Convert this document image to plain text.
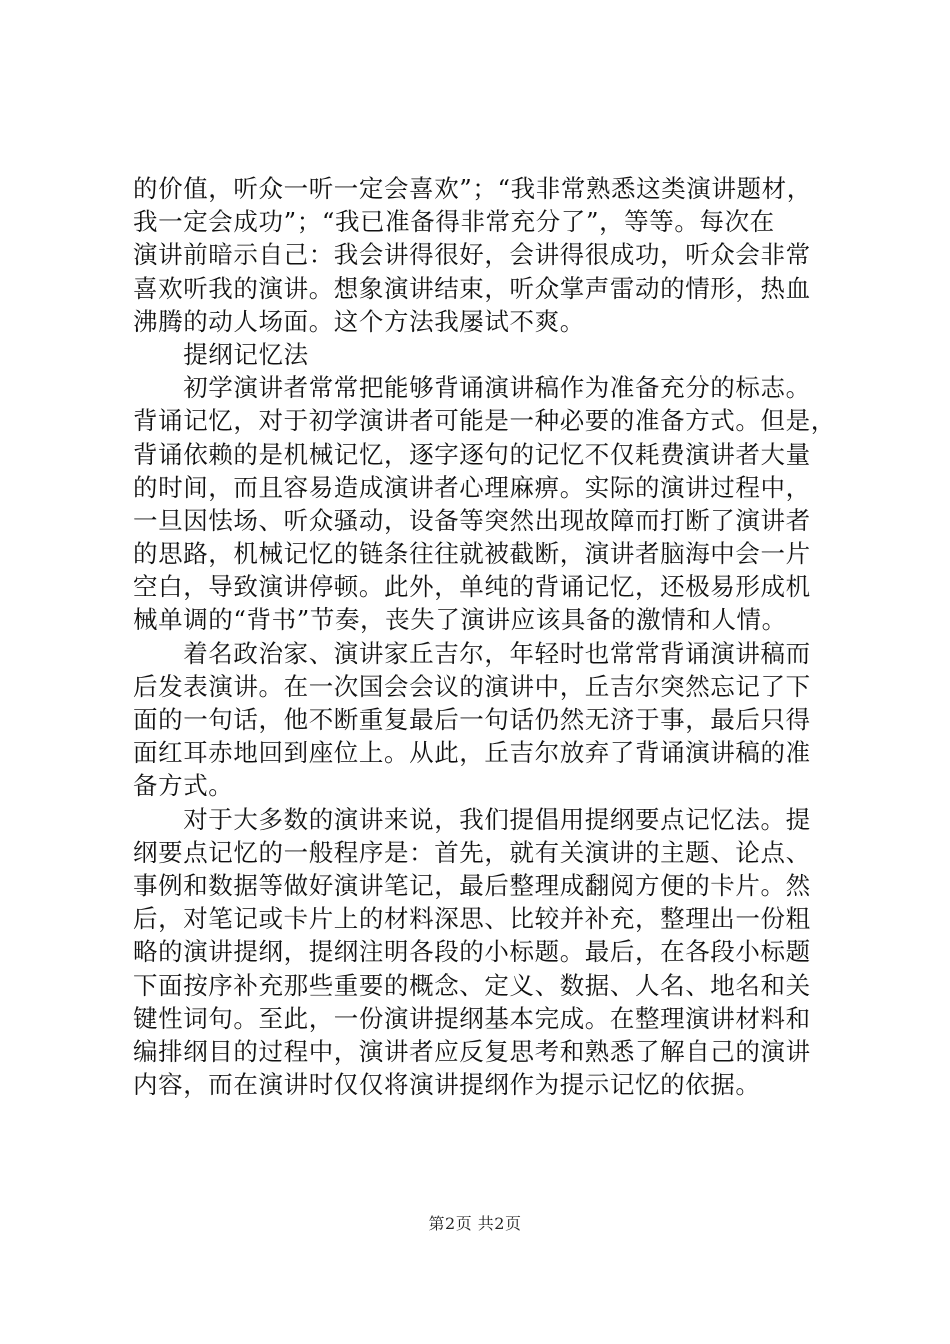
的价值，听众一听一定会喜欢”；“我非常熟悉这类演讲题材，
我一定会成功”；“我已准备得非常充分了”，等等。每次在
演讲前暗示自己：我会讲得很好，会讲得很成功，听众会非常
喜欢听我的演讲。想象演讲结束，听众掌声雷动的情形，热血
沸腾的动人场面。这个方法我屡试不爽。
　　提纲记忆法
　　初学演讲者常常把能够背诵演讲稿作为准备充分的标志。
背诵记忆，对于初学演讲者可能是一种必要的准备方式。但是，
背诵依赖的是机械记忆，逐字逐句的记忆不仅耗费演讲者大量
的时间，而且容易造成演讲者心理麻痹。实际的演讲过程中，
一旦因怯场、听众骚动，设备等突然出现故障而打断了演讲者
的思路，机械记忆的链条往往就被截断，演讲者脑海中会一片
空白，导致演讲停顿。此外，单纯的背诵记忆，还极易形成机
械单调的“背书”节奏，丧失了演讲应该具备的激情和人情。
　　着名政治家、演讲家丘吉尔，年轻时也常常背诵演讲稿而
后发表演讲。在一次国会会议的演讲中，丘吉尔突然忘记了下
面的一句话，他不断重复最后一句话仍然无济于事，最后只得
面红耳赤地回到座位上。从此，丘吉尔放弃了背诵演讲稿的准
备方式。
　　对于大多数的演讲来说，我们提倡用提纲要点记忆法。提
纲要点记忆的一般程序是：首先，就有关演讲的主题、论点、
事例和数据等做好演讲笔记，最后整理成翻阅方便的卡片。然
后，对笔记或卡片上的材料深思、比较并补充，整理出一份粗
略的演讲提纲，提纲注明各段的小标题。最后，在各段小标题
下面按序补充那些重要的概念、定义、数据、人名、地名和关
键性词句。至此，一份演讲提纲基本完成。在整理演讲材料和
编排纲目的过程中，演讲者应反复思考和熟悉了解自己的演讲
内容，而在演讲时仅仅将演讲提纲作为提示记忆的依据。
第2页 共2页
